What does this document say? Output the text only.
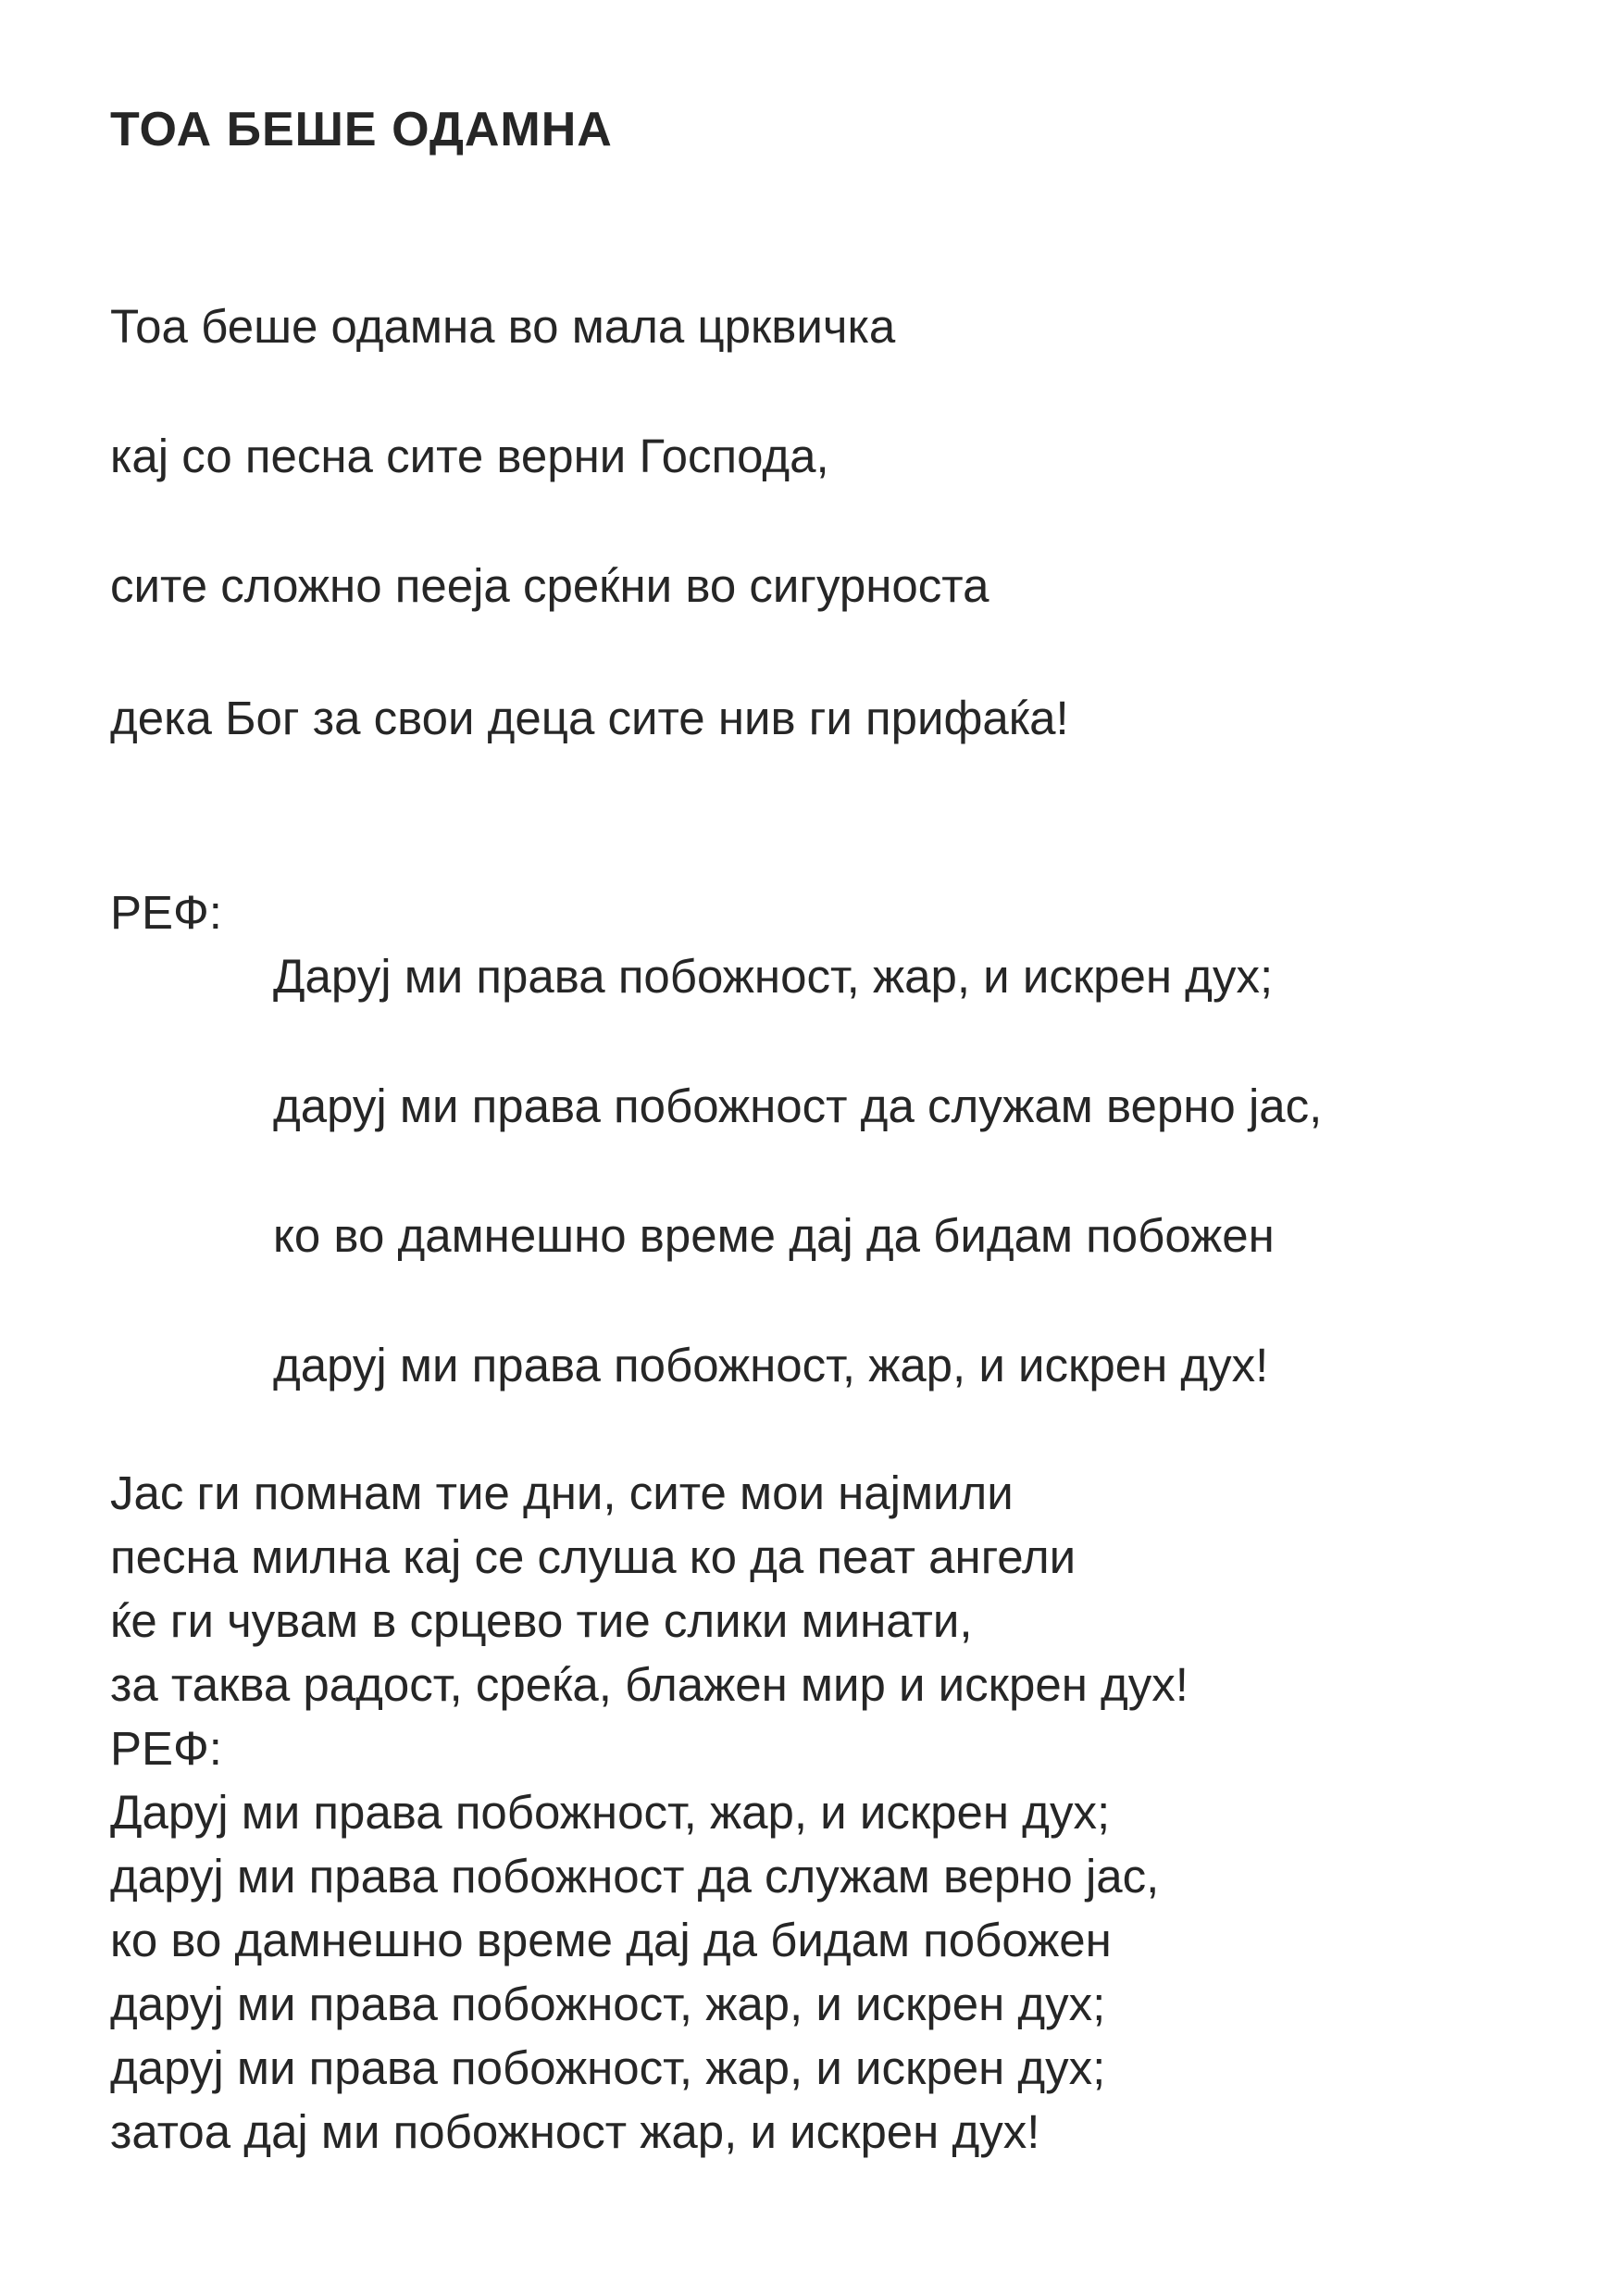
ТОА БЕШЕ ОДАМНА

Тоа беше одамна во мала црквичка

кај со песна сите верни Господа,

сите сложно пееја среќни во сигурноста

дека Бог за свои деца сите нив ги прифаќа!

РЕФ:

Даруј ми права побожност, жар, и искрен дух;

даруј ми права побожност да служам верно јас,

ко во дамнешно време дај да бидам побожен

даруј ми права побожност, жар, и искрен дух!

Јас ги помнам тие дни, сите мои најмили

песна милна кај се слуша ко да пеат ангели

ќе ги чувам в срцево тие слики минати,

за таква радост, среќа, блажен мир и искрен дух!

РЕФ:

Даруј ми права побожност, жар, и искрен дух;

даруј ми права побожност да служам верно јас,

ко во дамнешно време дај да бидам побожен

даруј ми права побожност, жар, и искрен дух;

даруј ми права побожност, жар, и искрен дух;

затоа дај ми побожност жар, и искрен дух!
